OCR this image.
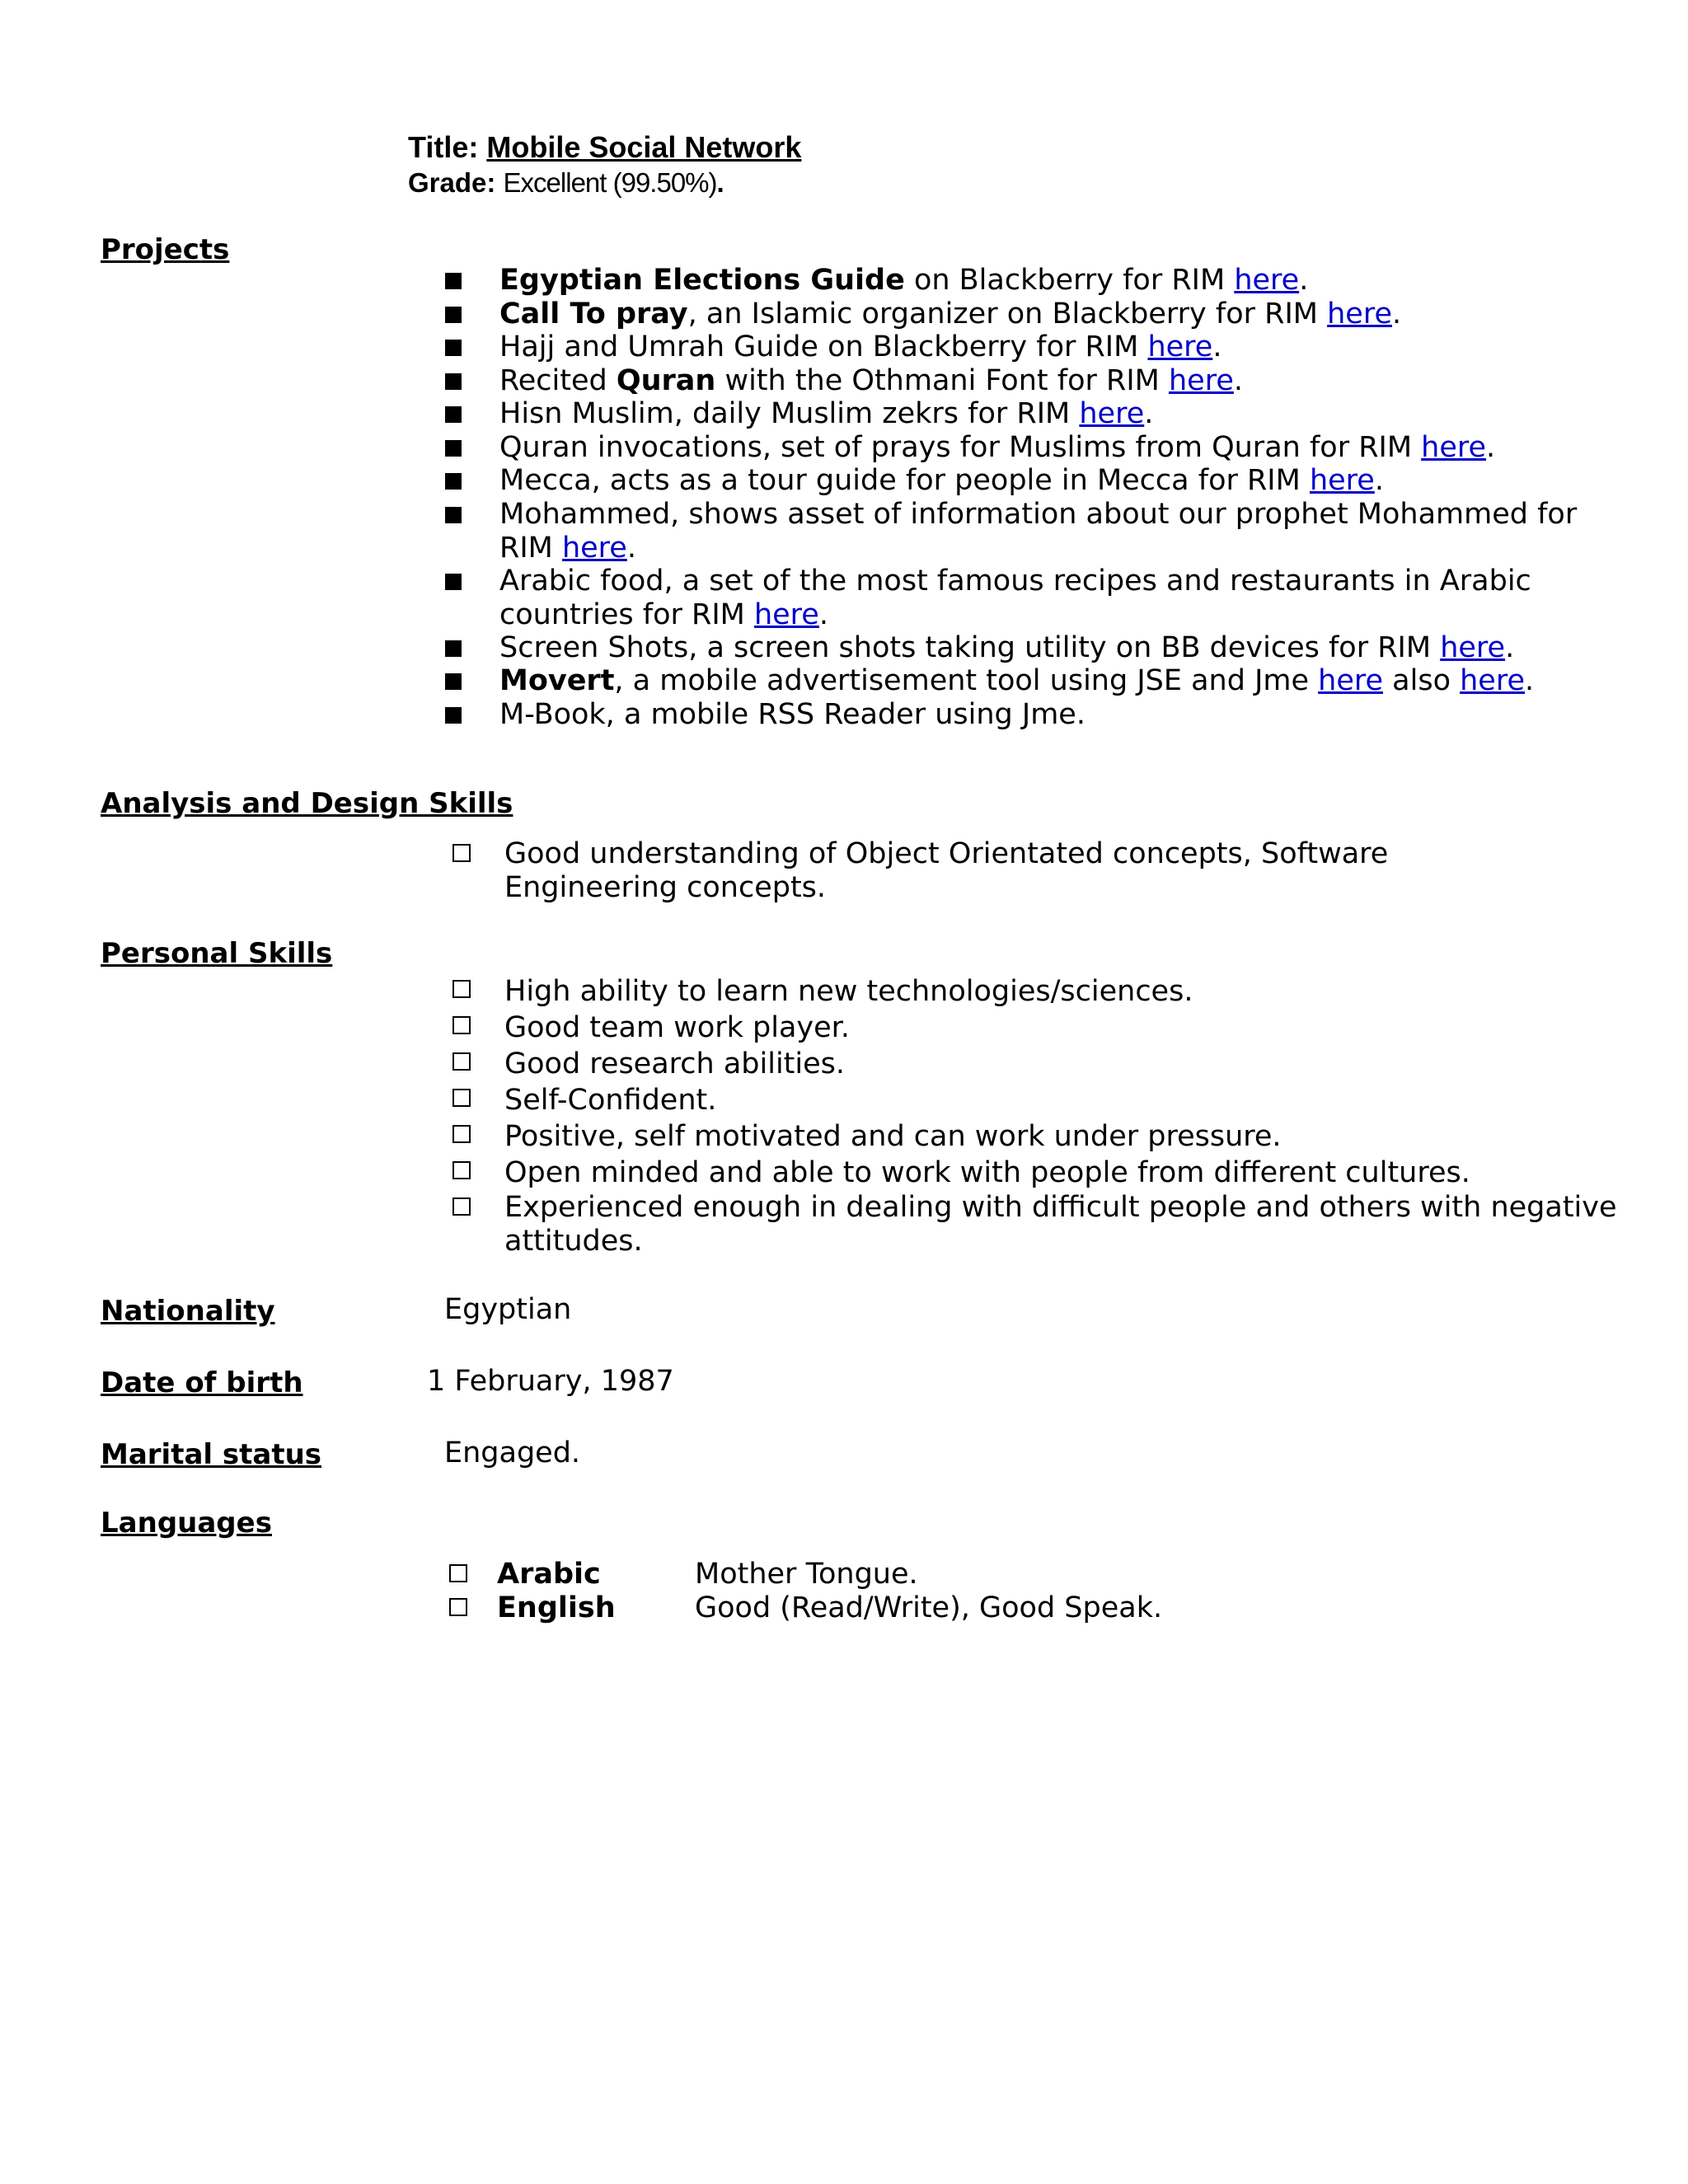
Title: Mobile Social Network
Grade: Excellent (99.50%).
Projects
Egyptian Elections Guide on Blackberry for RIM here.
Call To pray, an Islamic organizer on Blackberry for RIM here.
Hajj and Umrah Guide on Blackberry for RIM here.
Recited Quran with the Othmani Font for RIM here.
Hisn Muslim, daily Muslim zekrs for RIM here.
Quran invocations, set of prays for Muslims from Quran for RIM here.
Mecca, acts as a tour guide for people in Mecca for RIM here.
Mohammed, shows asset of information about our prophet Mohammed for
RIM here.
Arabic food, a set of the most famous recipes and restaurants in Arabic
countries for RIM here.
Screen Shots, a screen shots taking utility on BB devices for RIM here.
Movert, a mobile advertisement tool using JSE and Jme here also here.
M-Book, a mobile RSS Reader using Jme.
Analysis and Design Skills
Good understanding of Object Orientated concepts, Software
Engineering concepts.
Personal Skills
High ability to learn new technologies/sciences.
Good team work player.
Good research abilities.
Self-Confident.
Positive, self motivated and can work under pressure.
Open minded and able to work with people from different cultures.
Experienced enough in dealing with difficult people and others with negative
attitudes.
Nationality	Egyptian
Date of birth	1 February, 1987
Marital status	Engaged.
Languages
Arabic	Mother Tongue.
English	Good (Read/Write), Good Speak.
